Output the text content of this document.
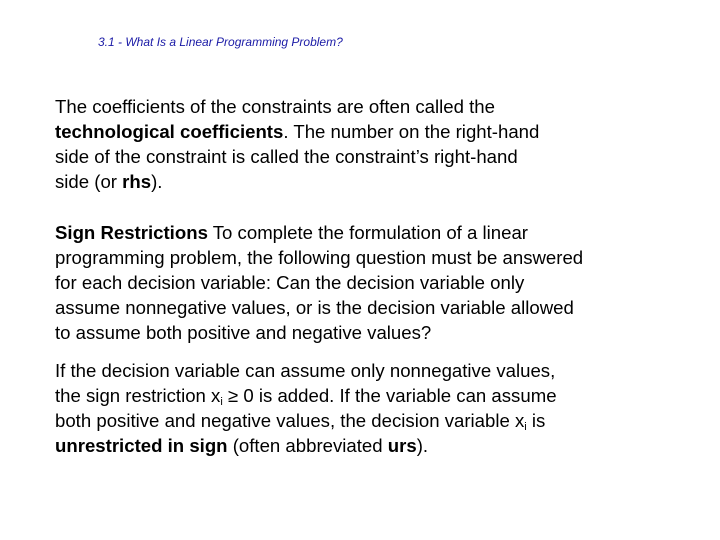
3.1 - What Is a Linear Programming Problem?
The coefficients of the constraints are often called the
technological coefficients. The number on the right-hand
side of the constraint is called the constraint’s right-hand
side (or rhs).
Sign Restrictions To complete the formulation of a linear
programming problem, the following question must be answered
for each decision variable: Can the decision variable only
assume nonnegative values, or is the decision variable allowed
to assume both positive and negative values?
If the decision variable can assume only nonnegative values,
the sign restriction $x_i \ge 0$ is added. If the variable can assume
both positive and negative values, the decision variable $x_i$ is
unrestricted in sign (often abbreviated urs).
